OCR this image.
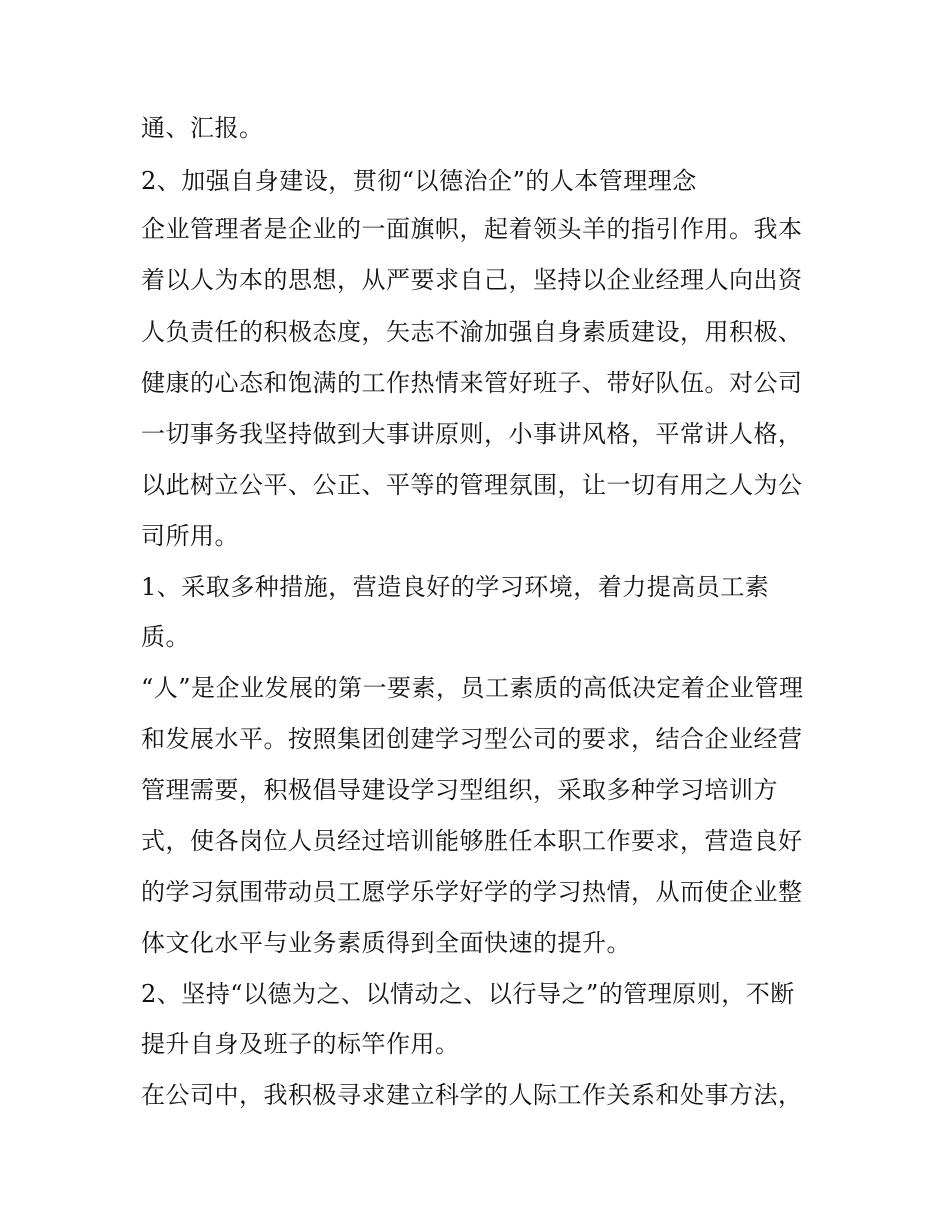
通、汇报。
2、加强自身建设，贯彻“以德治企”的人本管理理念
企业管理者是企业的一面旗帜，起着领头羊的指引作用。我本
着以人为本的思想，从严要求自己，坚持以企业经理人向出资
人负责任的积极态度，矢志不渝加强自身素质建设，用积极、
健康的心态和饱满的工作热情来管好班子、带好队伍。对公司
一切事务我坚持做到大事讲原则，小事讲风格，平常讲人格，
以此树立公平、公正、平等的管理氛围，让一切有用之人为公
司所用。
1、采取多种措施，营造良好的学习环境，着力提高员工素
质。
“人”是企业发展的第一要素，员工素质的高低决定着企业管理
和发展水平。按照集团创建学习型公司的要求，结合企业经营
管理需要，积极倡导建设学习型组织，采取多种学习培训方
式，使各岗位人员经过培训能够胜任本职工作要求，营造良好
的学习氛围带动员工愿学乐学好学的学习热情，从而使企业整
体文化水平与业务素质得到全面快速的提升。
2、坚持“以德为之、以情动之、以行导之”的管理原则，不断
提升自身及班子的标竿作用。
在公司中，我积极寻求建立科学的人际工作关系和处事方法，
